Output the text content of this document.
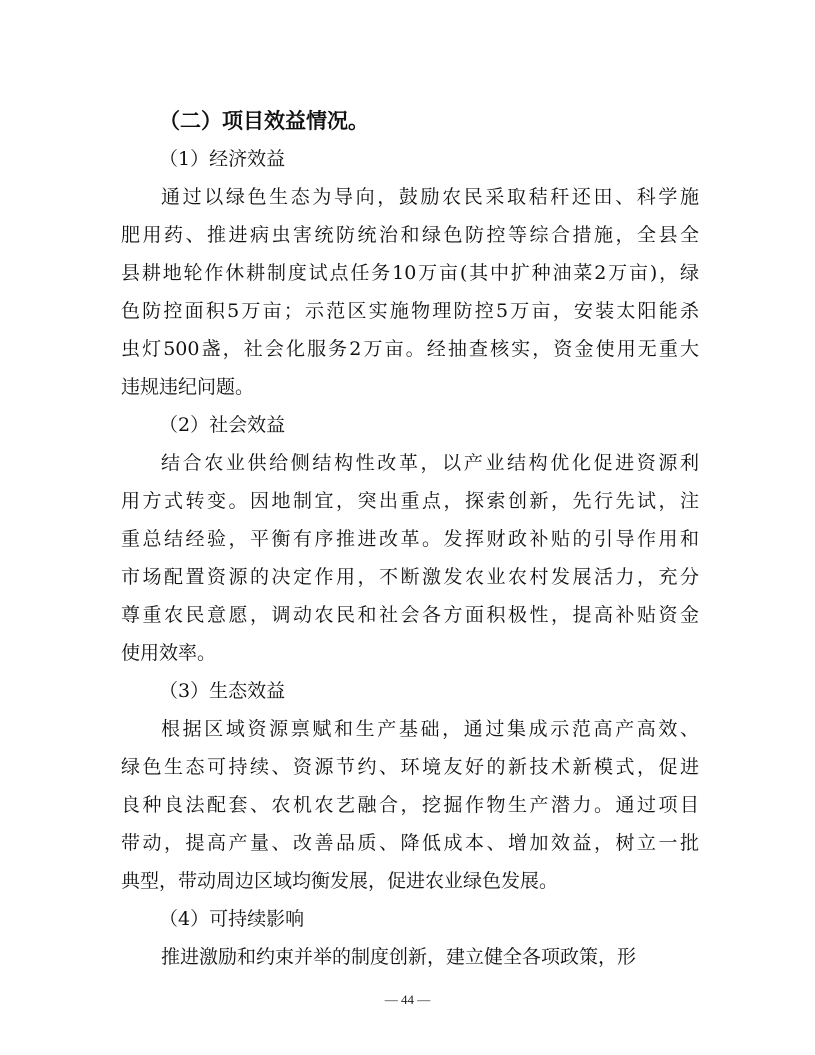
（二）项目效益情况。

（1）经济效益

通过以绿色生态为导向，鼓励农民采取秸秆还田、科学施
肥用药、推进病虫害统防统治和绿色防控等综合措施，全县全
县耕地轮作休耕制度试点任务10万亩(其中扩种油菜2万亩)，绿
色防控面积5万亩；示范区实施物理防控5万亩，安装太阳能杀
虫灯500盏，社会化服务2万亩。经抽查核实，资金使用无重大
违规违纪问题。

（2）社会效益

结合农业供给侧结构性改革，以产业结构优化促进资源利
用方式转变。因地制宜，突出重点，探索创新，先行先试，注
重总结经验，平衡有序推进改革。发挥财政补贴的引导作用和
市场配置资源的决定作用，不断激发农业农村发展活力，充分
尊重农民意愿，调动农民和社会各方面积极性，提高补贴资金
使用效率。

（3）生态效益

根据区域资源禀赋和生产基础，通过集成示范高产高效、
绿色生态可持续、资源节约、环境友好的新技术新模式，促进
良种良法配套、农机农艺融合，挖掘作物生产潜力。通过项目
带动，提高产量、改善品质、降低成本、增加效益，树立一批
典型，带动周边区域均衡发展，促进农业绿色发展。

（4）可持续影响

推进激励和约束并举的制度创新，建立健全各项政策，形

— 44 —
